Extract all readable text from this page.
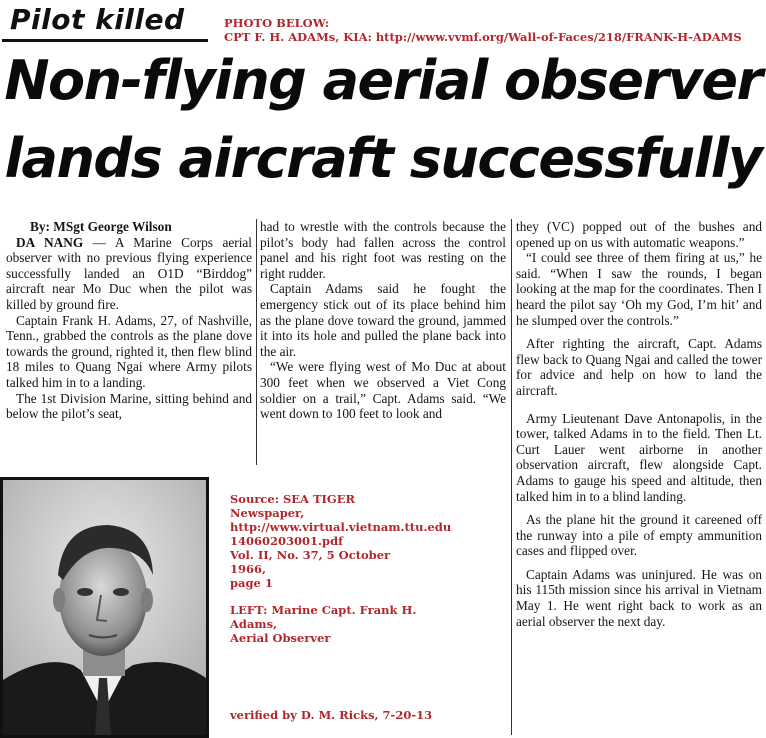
Pilot killed	PHOTO BELOW:
CPT F. H. ADAMs, KIA: http://www.vvmf.org/Wall-of-Faces/218/FRANK-H-ADAMS
Non-flying aerial observer
lands aircraft successfully

By: MSgt George Wilson

DA NANG — A Marine Corps aerial observer with no previous flying experience successfully landed an O1D “Birddog” aircraft near Mo Duc when the pilot was killed by ground fire.

Captain Frank H. Adams, 27, of Nashville, Tenn., grabbed the controls as the plane dove towards the ground, righted it, then flew blind 18 miles to Quang Ngai where Army pilots talked him in to a landing.

The 1st Division Marine, sitting behind and below the pilot’s seat,

had to wrestle with the controls because the pilot’s body had fallen across the control panel and his right foot was resting on the right rudder.

Captain Adams said he fought the emergency stick out of its place behind him as the plane dove toward the ground, jammed it into its hole and pulled the plane back into the air.

“We were flying west of Mo Duc at about 300 feet when we observed a Viet Cong soldier on a trail,” Capt. Adams said. “We went down to 100 feet to look and

they (VC) popped out of the bushes and opened up on us with automatic weapons.”

“I could see three of them firing at us,” he said. “When I saw the rounds, I began looking at the map for the coordinates. Then I heard the pilot say ‘Oh my God, I’m hit’ and he slumped over the controls.”

After righting the aircraft, Capt. Adams flew back to Quang Ngai and called the tower for advice and help on how to land the aircraft.

Army Lieutenant Dave Antonapolis, in the tower, talked Adams in to the field. Then Lt. Curt Lauer went airborne in another observation aircraft, flew alongside Capt. Adams to gauge his speed and altitude, then talked him in to a blind landing.

As the plane hit the ground it careened off the runway into a pile of empty ammunition cases and flipped over.

Captain Adams was uninjured. He was on his 115th mission since his arrival in Vietnam May 1. He went right back to work as an aerial observer the next day.

Source: SEA TIGER Newspaper,
http://www.virtual.vietnam.ttu.edu
14060203001.pdf
Vol. II, No. 37, 5 October 1966,
page 1
LEFT: Marine Capt. Frank H. Adams,
Aerial Observer
verified by D. M. Ricks, 7-20-13
